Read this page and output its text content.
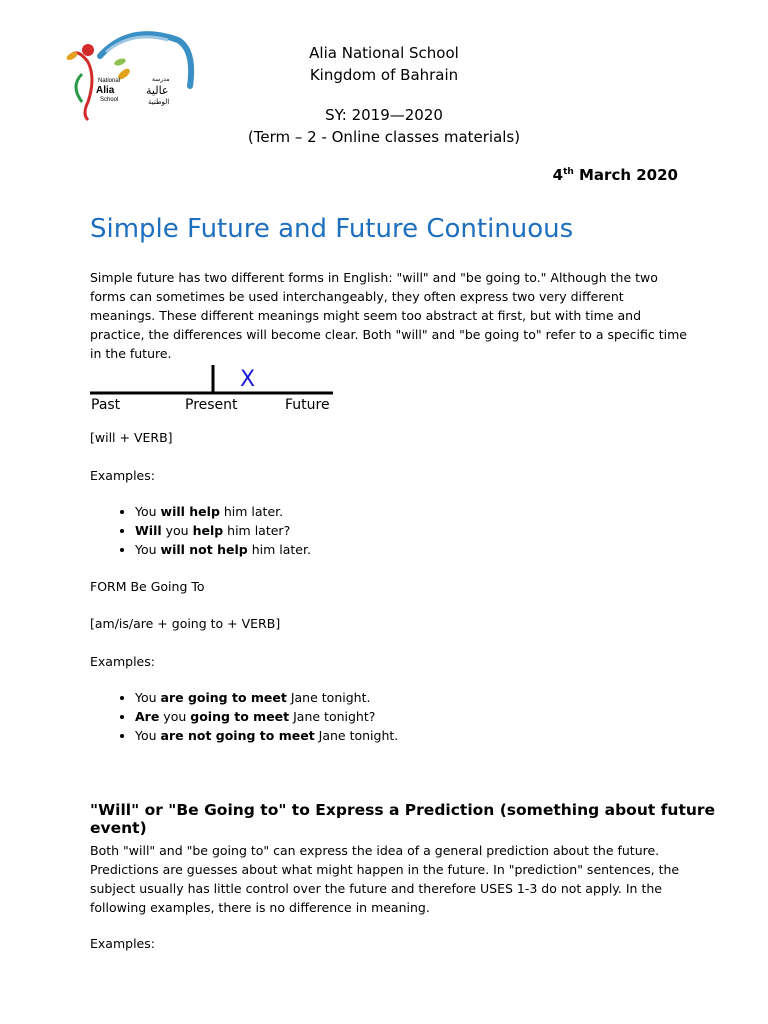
National
Alia
School
مدرسة
عالية
الوطنية
Alia National School
Kingdom of Bahrain
SY: 2019—2020
(Term – 2 - Online classes materials)
4th March 2020
Simple Future and Future Continuous
Simple future has two different forms in English: "will" and "be going to." Although the two forms can sometimes be used interchangeably, they often express two very different meanings. These different meanings might seem too abstract at first, but with time and practice, the differences will become clear. Both "will" and "be going to" refer to a specific time in the future.
X
Past	Present	Future
[will + VERB]
Examples:
• You will help him later.
• Will you help him later?
• You will not help him later.
FORM Be Going To
[am/is/are + going to + VERB]
Examples:
• You are going to meet Jane tonight.
• Are you going to meet Jane tonight?
• You are not going to meet Jane tonight.
"Will" or "Be Going to" to Express a Prediction (something about future event)
Both "will" and "be going to" can express the idea of a general prediction about the future. Predictions are guesses about what might happen in the future. In "prediction" sentences, the subject usually has little control over the future and therefore USES 1-3 do not apply. In the following examples, there is no difference in meaning.
Examples:
